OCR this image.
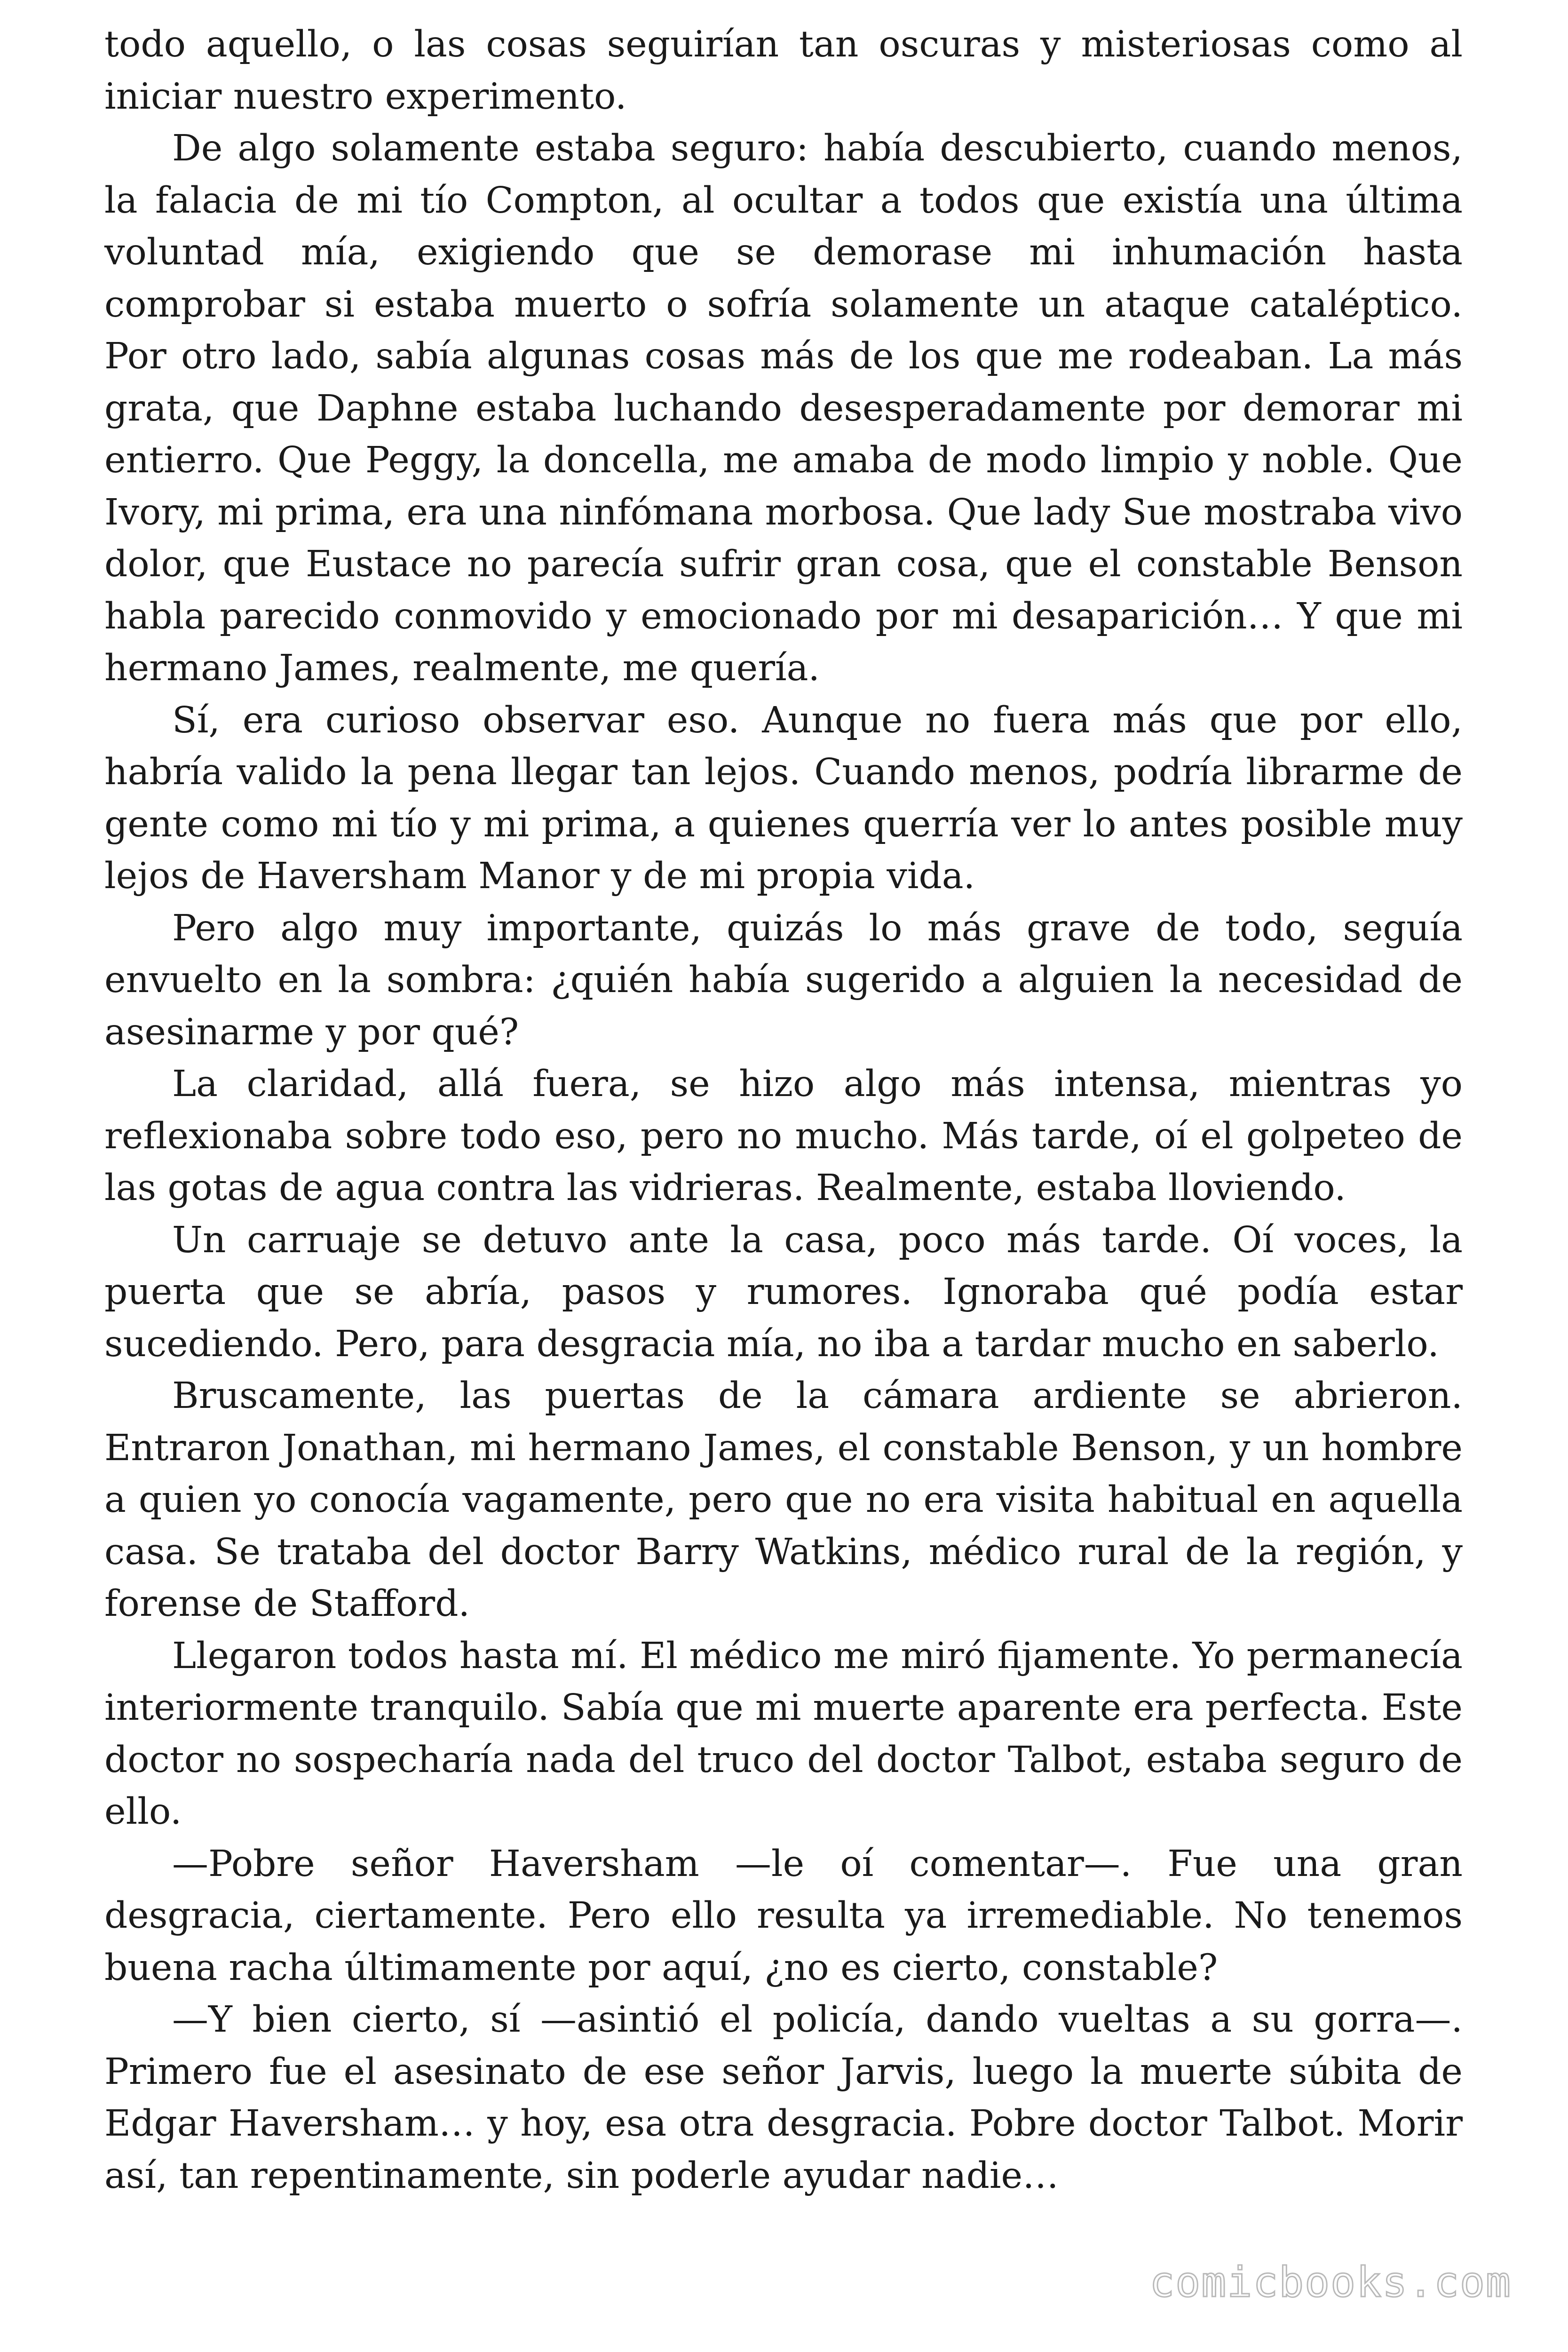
todo aquello, o las cosas seguirían tan oscuras y misteriosas como al iniciar nuestro experimento.

De algo solamente estaba seguro: había descubierto, cuando menos, la falacia de mi tío Compton, al ocultar a todos que existía una última voluntad mía, exigiendo que se demorase mi inhumación hasta comprobar si estaba muerto o sofría solamente un ataque cataléptico. Por otro lado, sabía algunas cosas más de los que me rodeaban. La más grata, que Daphne estaba luchando desesperadamente por demorar mi entierro. Que Peggy, la doncella, me amaba de modo limpio y noble. Que Ivory, mi prima, era una ninfómana morbosa. Que lady Sue mostraba vivo dolor, que Eustace no parecía sufrir gran cosa, que el constable Benson habla parecido conmovido y emocionado por mi desaparición… Y que mi hermano James, realmente, me quería.

Sí, era curioso observar eso. Aunque no fuera más que por ello, habría valido la pena llegar tan lejos. Cuando menos, podría librarme de gente como mi tío y mi prima, a quienes querría ver lo antes posible muy lejos de Haversham Manor y de mi propia vida.

Pero algo muy importante, quizás lo más grave de todo, seguía envuelto en la sombra: ¿quién había sugerido a alguien la necesidad de asesinarme y por qué?

La claridad, allá fuera, se hizo algo más intensa, mientras yo reflexionaba sobre todo eso, pero no mucho. Más tarde, oí el golpeteo de las gotas de agua contra las vidrieras. Realmente, estaba lloviendo.

Un carruaje se detuvo ante la casa, poco más tarde. Oí voces, la puerta que se abría, pasos y rumores. Ignoraba qué podía estar sucediendo. Pero, para desgracia mía, no iba a tardar mucho en saberlo.

Bruscamente, las puertas de la cámara ardiente se abrieron. Entraron Jonathan, mi hermano James, el constable Benson, y un hombre a quien yo conocía vagamente, pero que no era visita habitual en aquella casa. Se trataba del doctor Barry Watkins, médico rural de la región, y forense de Stafford.

Llegaron todos hasta mí. El médico me miró fijamente. Yo permanecía interiormente tranquilo. Sabía que mi muerte aparente era perfecta. Este doctor no sospecharía nada del truco del doctor Talbot, estaba seguro de ello.

—Pobre señor Haversham —le oí comentar—. Fue una gran desgracia, ciertamente. Pero ello resulta ya irremediable. No tenemos buena racha últimamente por aquí, ¿no es cierto, constable?

—Y bien cierto, sí —asintió el policía, dando vueltas a su gorra—. Primero fue el asesinato de ese señor Jarvis, luego la muerte súbita de Edgar Haversham… y hoy, esa otra desgracia. Pobre doctor Talbot. Morir así, tan repentinamente, sin poderle ayudar nadie…

comicbooks.com
